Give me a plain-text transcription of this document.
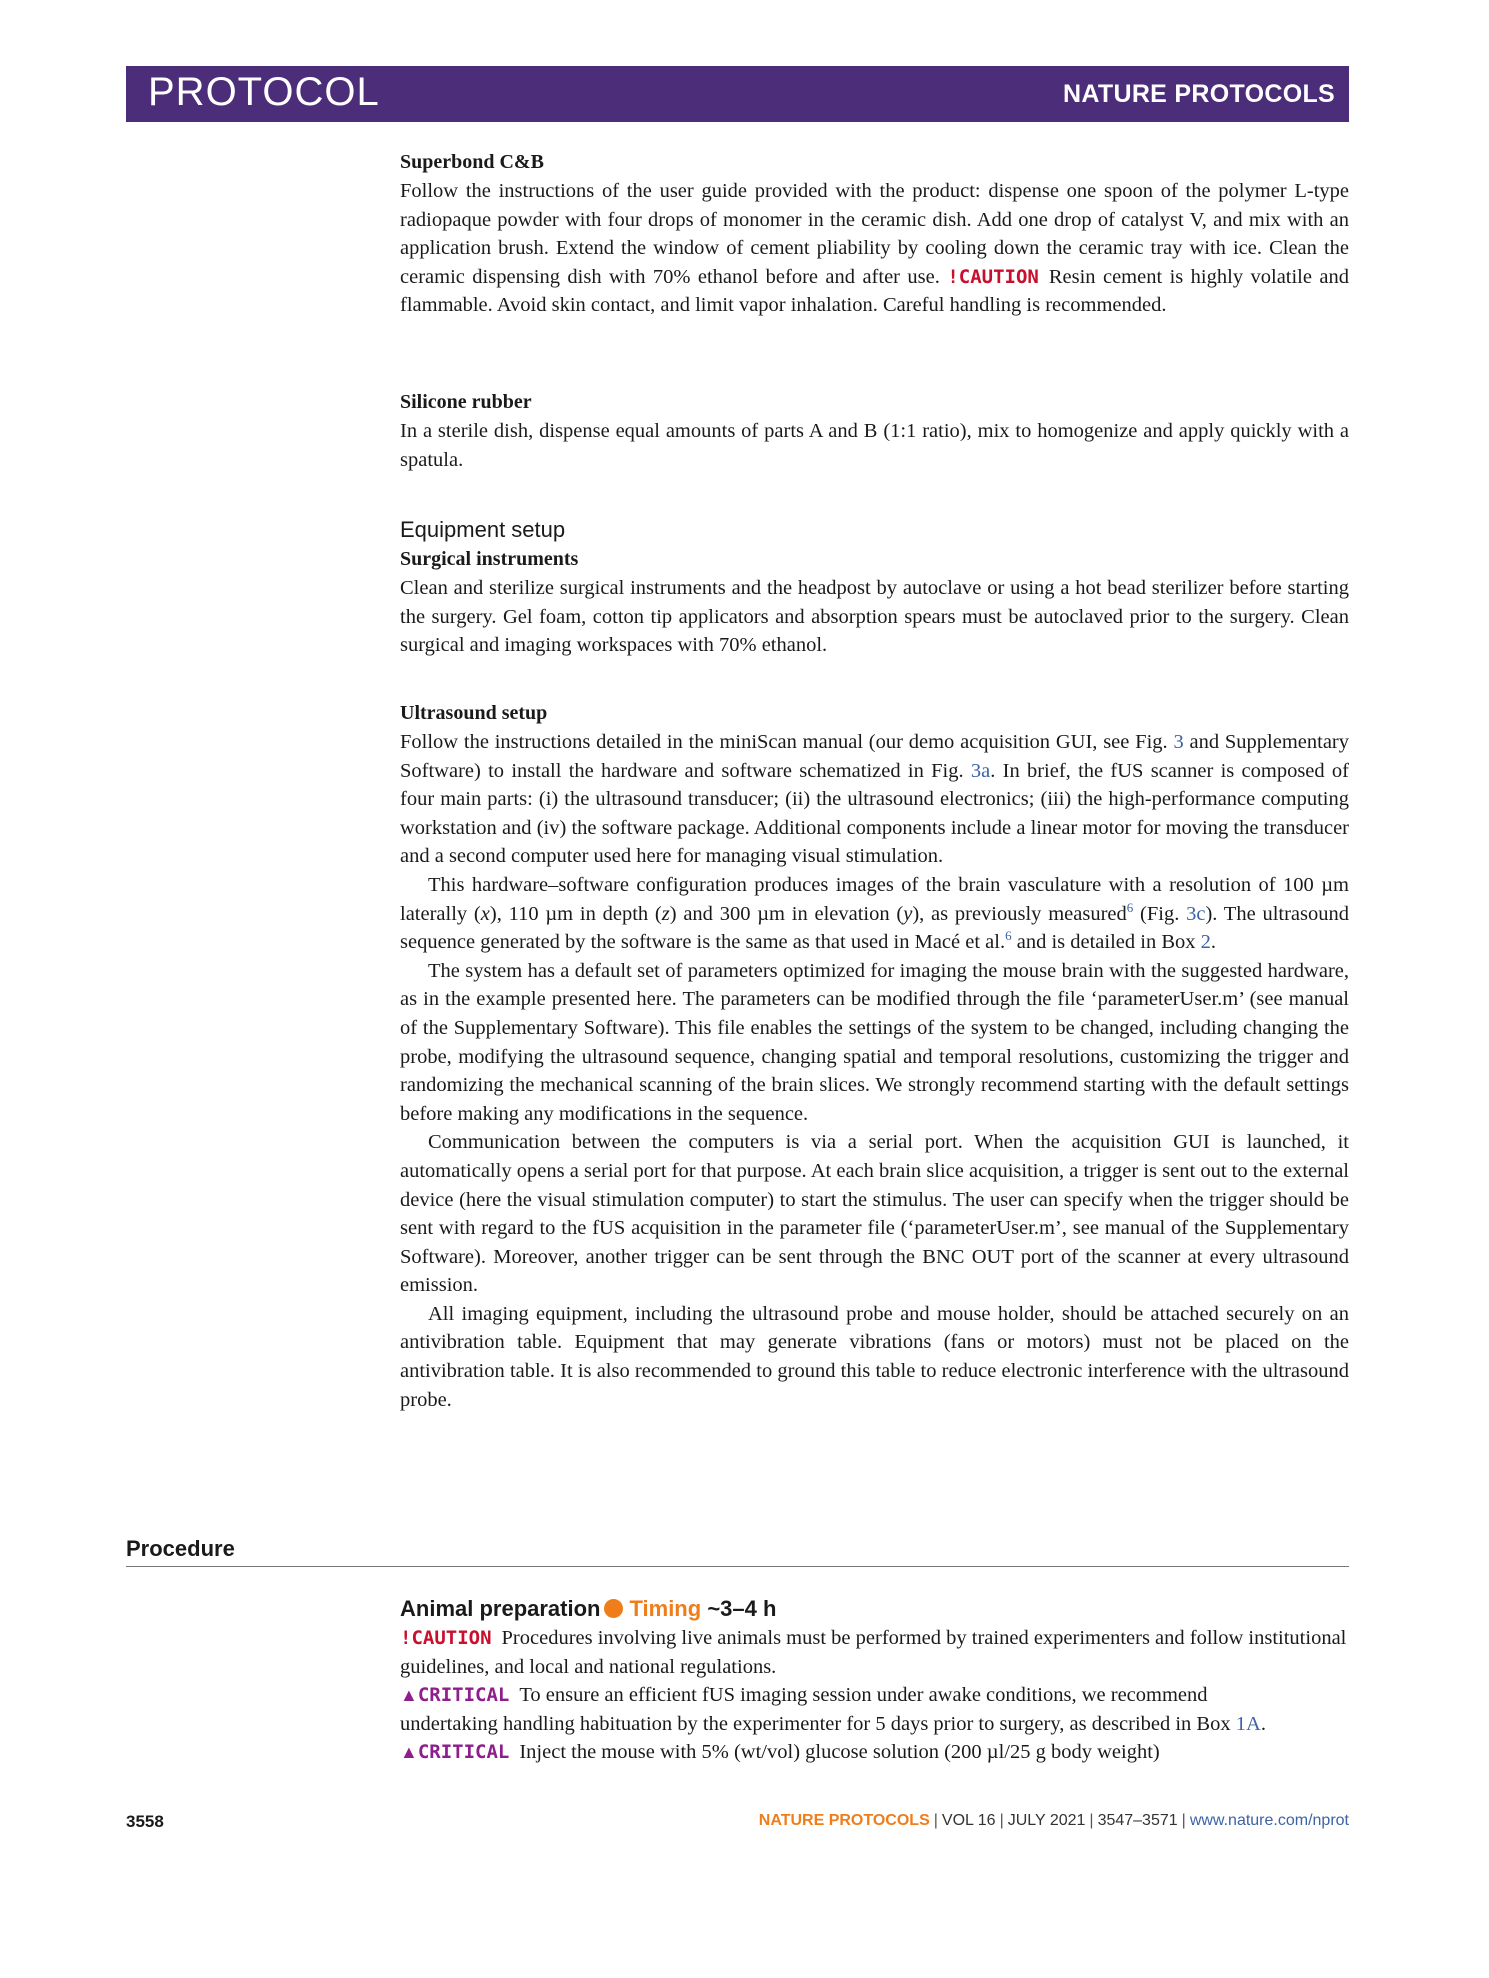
PROTOCOL	NATURE PROTOCOLS

Superbond C&B

Follow the instructions of the user guide provided with the product: dispense one spoon of the polymer L-type radiopaque powder with four drops of monomer in the ceramic dish. Add one drop of catalyst V, and mix with an application brush. Extend the window of cement pliability by cooling down the ceramic tray with ice. Clean the ceramic dispensing dish with 70% ethanol before and after use. !CAUTION Resin cement is highly volatile and flammable. Avoid skin contact, and limit vapor inhalation. Careful handling is recommended.

Silicone rubber

In a sterile dish, dispense equal amounts of parts A and B (1:1 ratio), mix to homogenize and apply quickly with a spatula.

Equipment setup

Surgical instruments

Clean and sterilize surgical instruments and the headpost by autoclave or using a hot bead sterilizer before starting the surgery. Gel foam, cotton tip applicators and absorption spears must be autoclaved prior to the surgery. Clean surgical and imaging workspaces with 70% ethanol.

Ultrasound setup

Follow the instructions detailed in the miniScan manual (our demo acquisition GUI, see Fig. 3 and Supplementary Software) to install the hardware and software schematized in Fig. 3a. In brief, the fUS scanner is composed of four main parts: (i) the ultrasound transducer; (ii) the ultrasound electronics; (iii) the high-performance computing workstation and (iv) the software package. Additional components include a linear motor for moving the transducer and a second computer used here for managing visual stimulation.

This hardware–software configuration produces images of the brain vasculature with a resolution of 100 µm laterally (x), 110 µm in depth (z) and 300 µm in elevation (y), as previously measured$^6$ (Fig. 3c). The ultrasound sequence generated by the software is the same as that used in Macé et al.$^6$ and is detailed in Box 2.

The system has a default set of parameters optimized for imaging the mouse brain with the suggested hardware, as in the example presented here. The parameters can be modified through the file ‘parameterUser.m’ (see manual of the Supplementary Software). This file enables the settings of the system to be changed, including changing the probe, modifying the ultrasound sequence, changing spatial and temporal resolutions, customizing the trigger and randomizing the mechanical scanning of the brain slices. We strongly recommend starting with the default settings before making any modifications in the sequence.

Communication between the computers is via a serial port. When the acquisition GUI is launched, it automatically opens a serial port for that purpose. At each brain slice acquisition, a trigger is sent out to the external device (here the visual stimulation computer) to start the stimulus. The user can specify when the trigger should be sent with regard to the fUS acquisition in the parameter file (‘parameterUser.m’, see manual of the Supplementary Software). Moreover, another trigger can be sent through the BNC OUT port of the scanner at every ultrasound emission.

All imaging equipment, including the ultrasound probe and mouse holder, should be attached securely on an antivibration table. Equipment that may generate vibrations (fans or motors) must not be placed on the antivibration table. It is also recommended to ground this table to reduce electronic interference with the ultrasound probe.

Procedure

Animal preparation Timing ~3–4 h

!CAUTION Procedures involving live animals must be performed by trained experimenters and follow institutional guidelines, and local and national regulations.

▲CRITICAL To ensure an efficient fUS imaging session under awake conditions, we recommend undertaking handling habituation by the experimenter for 5 days prior to surgery, as described in Box 1A.

▲CRITICAL Inject the mouse with 5% (wt/vol) glucose solution (200 µl/25 g body weight)

3558	NATURE PROTOCOLS | VOL 16 | JULY 2021 | 3547–3571 | www.nature.com/nprot
